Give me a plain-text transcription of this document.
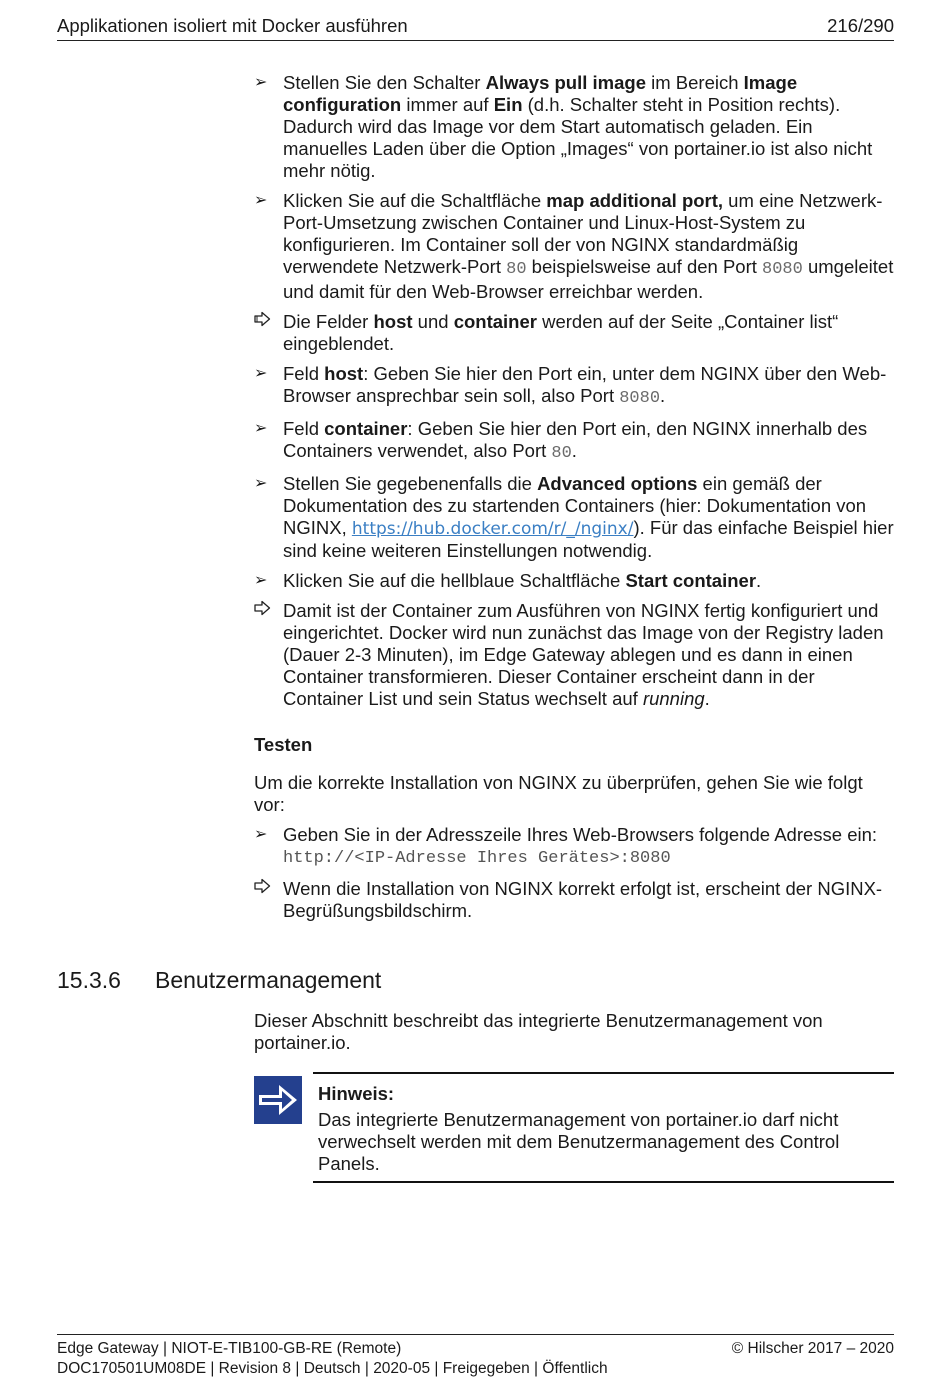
Applikationen isoliert mit Docker ausführen	216/290
➢ Stellen Sie den Schalter Always pull image im Bereich Image configuration immer auf Ein (d.h. Schalter steht in Position rechts). Dadurch wird das Image vor dem Start automatisch geladen. Ein manuelles Laden über die Option „Images“ von portainer.io ist also nicht mehr nötig.
➢ Klicken Sie auf die Schaltfläche map additional port, um eine Netzwerk-Port-Umsetzung zwischen Container und Linux-Host-System zu konfigurieren. Im Container soll der von NGINX standardmäßig verwendete Netzwerk-Port 80 beispielsweise auf den Port 8080 umgeleitet und damit für den Web-Browser erreichbar werden.
Die Felder host und container werden auf der Seite „Container list“ eingeblendet.
➢ Feld host: Geben Sie hier den Port ein, unter dem NGINX über den Web-Browser ansprechbar sein soll, also Port 8080.
➢ Feld container: Geben Sie hier den Port ein, den NGINX innerhalb des Containers verwendet, also Port 80.
➢ Stellen Sie gegebenenfalls die Advanced options ein gemäß der Dokumentation des zu startenden Containers (hier: Dokumentation von NGINX, https://hub.docker.com/r/_/nginx/). Für das einfache Beispiel hier sind keine weiteren Einstellungen notwendig.
➢ Klicken Sie auf die hellblaue Schaltfläche Start container.
Damit ist der Container zum Ausführen von NGINX fertig konfiguriert und eingerichtet. Docker wird nun zunächst das Image von der Registry laden (Dauer 2-3 Minuten), im Edge Gateway ablegen und es dann in einen Container transformieren. Dieser Container erscheint dann in der Container List und sein Status wechselt auf running.
Testen
Um die korrekte Installation von NGINX zu überprüfen, gehen Sie wie folgt vor:
➢ Geben Sie in der Adresszeile Ihres Web-Browsers folgende Adresse ein:
http://<IP-Adresse Ihres Gerätes>:8080
Wenn die Installation von NGINX korrekt erfolgt ist, erscheint der NGINX-Begrüßungsbildschirm.
15.3.6 Benutzermanagement
Dieser Abschnitt beschreibt das integrierte Benutzermanagement von portainer.io.
Hinweis:
Das integrierte Benutzermanagement von portainer.io darf nicht verwechselt werden mit dem Benutzermanagement des Control Panels.
Edge Gateway | NIOT-E-TIB100-GB-RE (Remote)
DOC170501UM08DE | Revision 8 | Deutsch | 2020-05 | Freigegeben | Öffentlich
© Hilscher 2017 – 2020
